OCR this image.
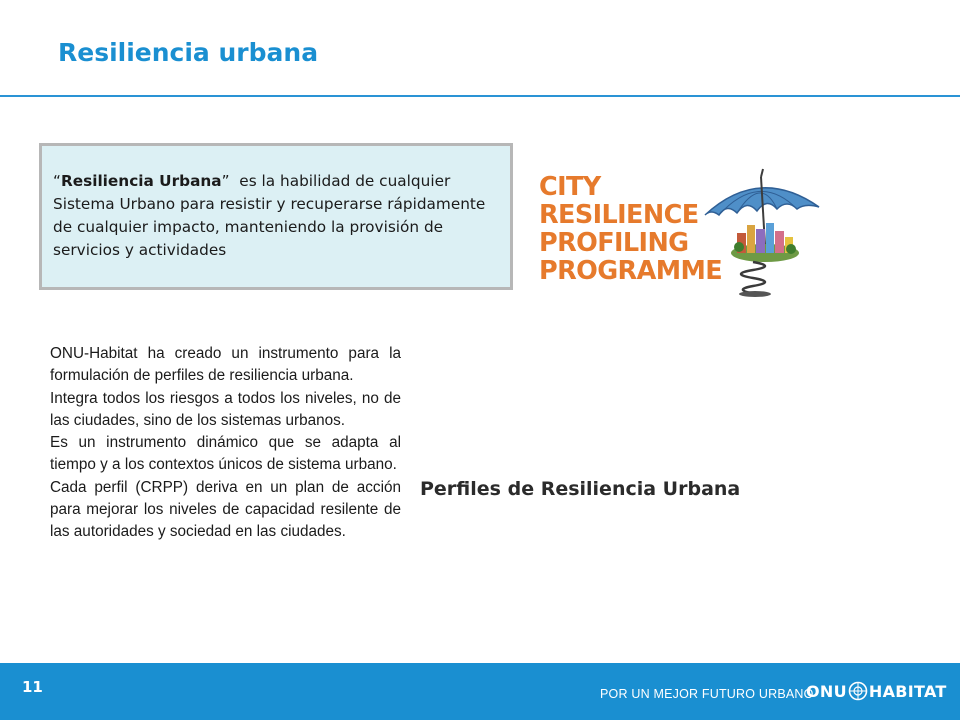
Resiliencia urbana
“Resiliencia Urbana” es la habilidad de cualquier Sistema Urbano para resistir y recuperarse rápidamente de cualquier impacto, manteniendo la provisión de servicios y actividades
CITY
RESILIENCE
PROFILING
PROGRAMME

ONU-Habitat ha creado un instrumento para la formulación de perfiles de resiliencia urbana.

Integra todos los riesgos a todos los niveles, no de las ciudades, sino de los sistemas urbanos.

Es un instrumento dinámico que se adapta al tiempo y a los contextos únicos de sistema urbano.

Cada perfil (CRPP) deriva en un plan de acción para mejorar los niveles de capacidad resilente de las autoridades y sociedad en las ciudades.

Perfiles de Resiliencia Urbana
11	POR UN MEJOR FUTURO URBANO
ONU HABITAT
